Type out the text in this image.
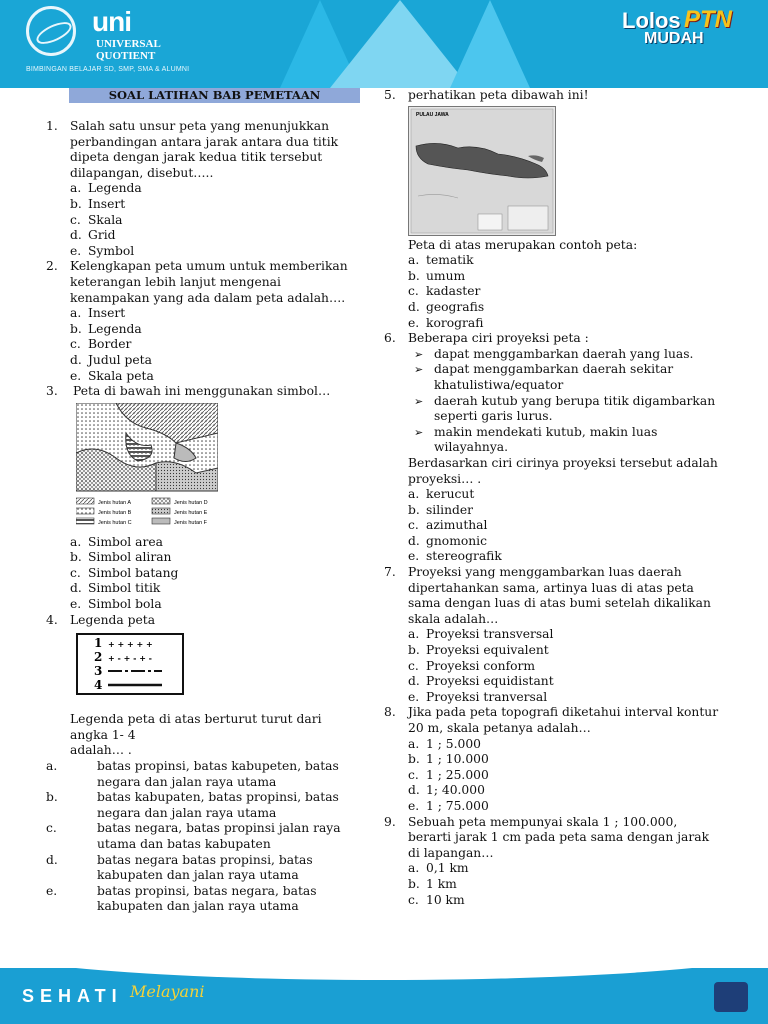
uni
UNIVERSAL
QUOTIENT
BIMBINGAN BELAJAR SD, SMP, SMA & ALUMNI
Lolos PTN
MUDAH
SOAL LATIHAN BAB PEMETAAN
1. Salah satu unsur peta yang menunjukkan perbandingan antara jarak antara dua titik dipeta dengan jarak kedua titik tersebut dilapangan, disebut…..
a. Legenda
b. Insert
c. Skala
d. Grid
e. Symbol
2. Kelengkapan peta umum untuk memberikan keterangan lebih lanjut mengenai kenampakan yang ada dalam peta adalah….
a. Insert
b. Legenda
c. Border
d. Judul peta
e. Skala peta
3. Peta di bawah ini menggunakan simbol…
Jenis hutan A
Jenis hutan B
Jenis hutan C
Jenis hutan D
Jenis hutan E
Jenis hutan F
a. Simbol area
b. Simbol aliran
c. Simbol batang
d. Simbol titik
e. Simbol bola
4. Legenda peta
1
2
3
4
+ + + + +
+ - + - + -
Legenda peta di atas berturut turut dari angka 1- 4
adalah… .
a.	batas propinsi, batas kabupeten, batas negara dan jalan raya utama
b.	batas kabupaten, batas propinsi, batas negara dan jalan raya utama
c.	batas negara, batas propinsi jalan raya utama dan batas kabupaten
d.	batas negara batas propinsi, batas kabupaten dan jalan raya utama
e.	batas propinsi, batas negara, batas kabupaten dan jalan raya utama
5. perhatikan peta dibawah ini!
PULAU JAWA
Peta di atas merupakan contoh peta:
a. tematik
b. umum
c. kadaster
d. geografis
e. korografi
6. Beberapa ciri proyeksi peta :
➢ dapat menggambarkan daerah yang luas.
➢ dapat menggambarkan daerah sekitar khatulistiwa/equator
➢ daerah kutub yang berupa titik digambarkan seperti garis lurus.
➢ makin mendekati kutub, makin luas wilayahnya.
Berdasarkan ciri cirinya proyeksi tersebut adalah
proyeksi… .
a. kerucut
b. silinder
c. azimuthal
d. gnomonic
e. stereografik
7. Proyeksi yang menggambarkan luas daerah dipertahankan sama, artinya luas di atas peta sama dengan luas di atas bumi setelah dikalikan skala adalah…
a. Proyeksi transversal
b. Proyeksi equivalent
c. Proyeksi conform
d. Proyeksi equidistant
e. Proyeksi tranversal
8. Jika pada peta topografi diketahui interval kontur 20 m, skala petanya adalah…
a. 1 ; 5.000
b. 1 ; 10.000
c. 1 ; 25.000
d. 1; 40.000
e. 1 ; 75.000
9. Sebuah peta mempunyai skala 1 ; 100.000, berarti jarak 1 cm pada peta sama dengan jarak di lapangan…
a. 0,1 km
b. 1 km
c. 10 km
SEHATI Melayani
